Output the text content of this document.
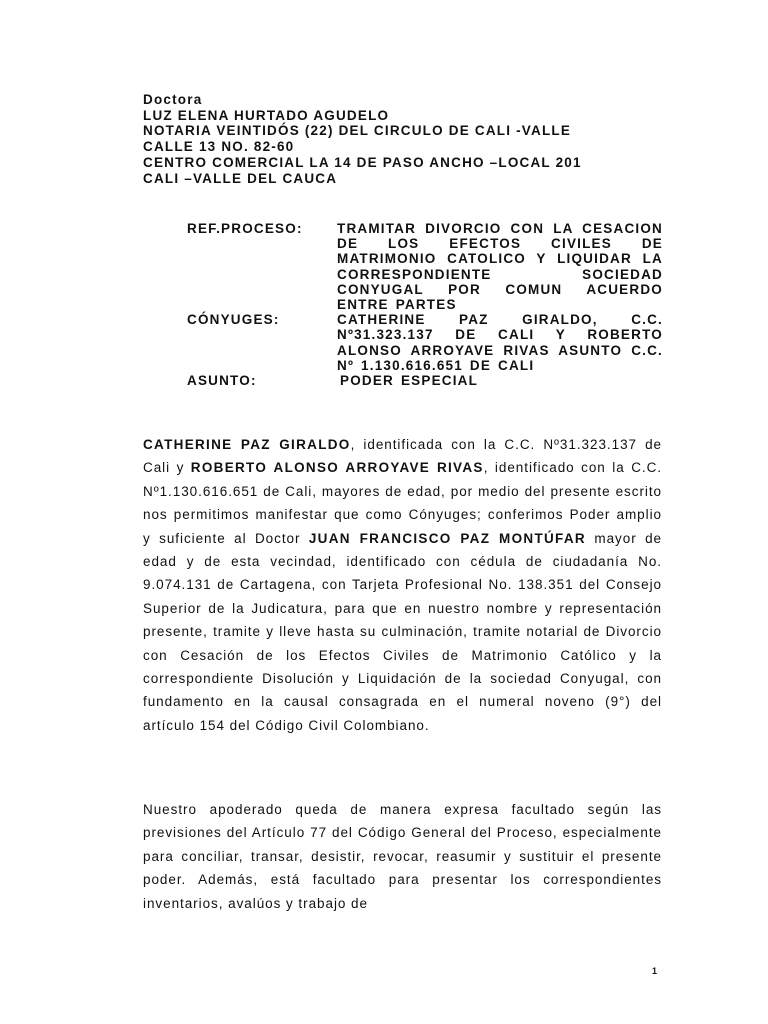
Doctora
LUZ ELENA HURTADO AGUDELO
NOTARIA VEINTIDÓS (22) DEL CIRCULO DE CALI -VALLE
CALLE 13 NO. 82-60
CENTRO COMERCIAL LA 14 DE PASO ANCHO –LOCAL 201
CALI –VALLE DEL CAUCA
REF.PROCESO:	TRAMITAR DIVORCIO CON LA CESACION DE LOS EFECTOS CIVILES DE MATRIMONIO CATOLICO Y LIQUIDAR LA CORRESPONDIENTE SOCIEDAD CONYUGAL POR COMUN ACUERDO ENTRE PARTES
CÓNYUGES:	CATHERINE PAZ GIRALDO, C.C. Nº31.323.137 DE CALI Y ROBERTO ALONSO ARROYAVE RIVAS ASUNTO C.C. Nº 1.130.616.651 DE CALI
ASUNTO:	PODER ESPECIAL
CATHERINE PAZ GIRALDO, identificada con la C.C. Nº31.323.137 de Cali y ROBERTO ALONSO ARROYAVE RIVAS, identificado con la C.C. Nº1.130.616.651 de Cali, mayores de edad, por medio del presente escrito nos permitimos manifestar que como Cónyuges; conferimos Poder amplio y suficiente al Doctor JUAN FRANCISCO PAZ MONTÚFAR mayor de edad y de esta vecindad, identificado con cédula de ciudadanía No. 9.074.131 de Cartagena, con Tarjeta Profesional No. 138.351 del Consejo Superior de la Judicatura, para que en nuestro nombre y representación presente, tramite y lleve hasta su culminación, tramite notarial de Divorcio con Cesación de los Efectos Civiles de Matrimonio Católico y la correspondiente Disolución y Liquidación de la sociedad Conyugal, con fundamento en la causal consagrada en el numeral noveno (9°) del artículo 154 del Código Civil Colombiano.
Nuestro apoderado queda de manera expresa facultado según las previsiones del Artículo 77 del Código General del Proceso, especialmente para conciliar, transar, desistir, revocar, reasumir y sustituir el presente poder. Además, está facultado para presentar los correspondientes inventarios, avalúos y trabajo de
1
